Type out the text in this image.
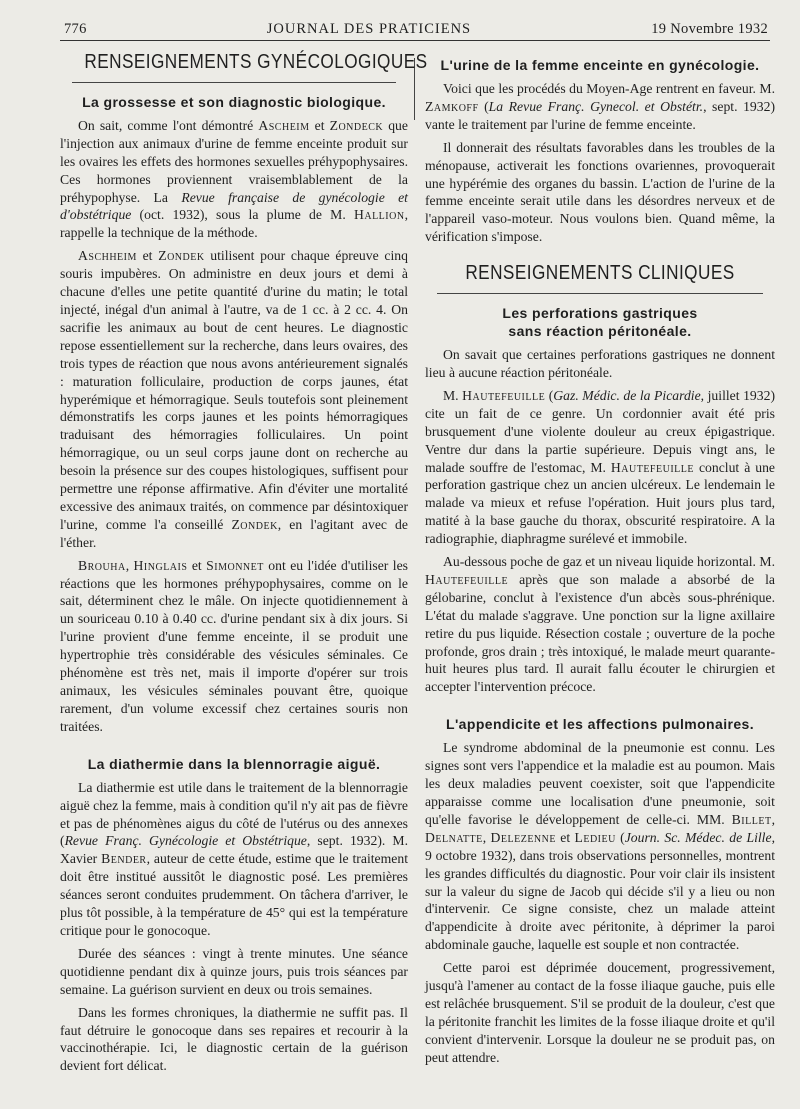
776	JOURNAL DES PRATICIENS	19 Novembre 1932
RENSEIGNEMENTS GYNÉCOLOGIQUES
La grossesse et son diagnostic biologique.

On sait, comme l'ont démontré Ascheim et Zondeck que l'injection aux animaux d'urine de femme enceinte produit sur les ovaires les effets des hormones sexuelles préhypophysaires. Ces hormones proviennent vraisemblablement de la préhypophyse. La Revue française de gynécologie et d'obstétrique (oct. 1932), sous la plume de M. Hallion, rappelle la technique de la méthode.

Aschheim et Zondek utilisent pour chaque épreuve cinq souris impubères. On administre en deux jours et demi à chacune d'elles une petite quantité d'urine du matin; le total injecté, inégal d'un animal à l'autre, va de 1 cc. à 2 cc. 4. On sacrifie les animaux au bout de cent heures. Le diagnostic repose essentiellement sur la recherche, dans leurs ovaires, des trois types de réaction que nous avons antérieurement signalés : maturation folliculaire, production de corps jaunes, état hyperémique et hémorragique. Seuls toutefois sont pleinement démonstratifs les corps jaunes et les points hémorragiques traduisant des hémorragies folliculaires. Un point hémorragique, ou un seul corps jaune dont on recherche au besoin la présence sur des coupes histologiques, suffisent pour permettre une réponse affirmative. Afin d'éviter une mortalité excessive des animaux traités, on commence par désintoxiquer l'urine, comme l'a conseillé Zondek, en l'agitant avec de l'éther.

Brouha, Hinglais et Simonnet ont eu l'idée d'utiliser les réactions que les hormones préhypophysaires, comme on le sait, déterminent chez le mâle. On injecte quotidiennement à un souriceau 0.10 à 0.40 cc. d'urine pendant six à dix jours. Si l'urine provient d'une femme enceinte, il se produit une hypertrophie très considérable des vésicules séminales. Ce phénomène est très net, mais il importe d'opérer sur trois animaux, les vésicules séminales pouvant être, quoique rarement, d'un volume excessif chez certaines souris non traitées.

La diathermie dans la blennorragie aiguë.

La diathermie est utile dans le traitement de la blennorragie aiguë chez la femme, mais à condition qu'il n'y ait pas de fièvre et pas de phénomènes aigus du côté de l'utérus ou des annexes (Revue Franç. Gynécologie et Obstétrique, sept. 1932). M. Xavier Bender, auteur de cette étude, estime que le traitement doit être institué aussitôt le diagnostic posé. Les premières séances seront conduites prudemment. On tâchera d'arriver, le plus tôt possible, à la température de 45° qui est la température critique pour le gonocoque.

Durée des séances : vingt à trente minutes. Une séance quotidienne pendant dix à quinze jours, puis trois séances par semaine. La guérison survient en deux ou trois semaines.

Dans les formes chroniques, la diathermie ne suffit pas. Il faut détruire le gonocoque dans ses repaires et recourir à la vaccinothérapie. Ici, le diagnostic certain de la guérison devient fort délicat.

L'urine de la femme enceinte en gynécologie.

Voici que les procédés du Moyen-Age rentrent en faveur. M. Zamkoff (La Revue Franç. Gynecol. et Obstétr., sept. 1932) vante le traitement par l'urine de femme enceinte.

Il donnerait des résultats favorables dans les troubles de la ménopause, activerait les fonctions ovariennes, provoquerait une hypérémie des organes du bassin. L'action de l'urine de la femme enceinte serait utile dans les désordres nerveux et de l'appareil vaso-moteur. Nous voulons bien. Quand même, la vérification s'impose.

RENSEIGNEMENTS CLINIQUES
Les perforations gastriques
sans réaction péritonéale.

On savait que certaines perforations gastriques ne donnent lieu à aucune réaction péritonéale.

M. Hautefeuille (Gaz. Médic. de la Picardie, juillet 1932) cite un fait de ce genre. Un cordonnier avait été pris brusquement d'une violente douleur au creux épigastrique. Ventre dur dans la partie supérieure. Depuis vingt ans, le malade souffre de l'estomac, M. Hautefeuille conclut à une perforation gastrique chez un ancien ulcéreux. Le lendemain le malade va mieux et refuse l'opération. Huit jours plus tard, matité à la base gauche du thorax, obscurité respiratoire. A la radiographie, diaphragme surélevé et immobile.

Au-dessous poche de gaz et un niveau liquide horizontal. M. Hautefeuille après que son malade a absorbé de la gélobarine, conclut à l'existence d'un abcès sous-phrénique. L'état du malade s'aggrave. Une ponction sur la ligne axillaire retire du pus liquide. Résection costale ; ouverture de la poche profonde, gros drain ; très intoxiqué, le malade meurt quarante-huit heures plus tard. Il aurait fallu écouter le chirurgien et accepter l'intervention précoce.

L'appendicite et les affections pulmonaires.

Le syndrome abdominal de la pneumonie est connu. Les signes sont vers l'appendice et la maladie est au poumon. Mais les deux maladies peuvent coexister, soit que l'appendicite apparaisse comme une localisation d'une pneumonie, soit qu'elle favorise le développement de celle-ci. MM. Billet, Delnatte, Delezenne et Ledieu (Journ. Sc. Médec. de Lille, 9 octobre 1932), dans trois observations personnelles, montrent les grandes difficultés du diagnostic. Pour voir clair ils insistent sur la valeur du signe de Jacob qui décide s'il y a lieu ou non d'intervenir. Ce signe consiste, chez un malade atteint d'appendicite à droite avec péritonite, à déprimer la paroi abdominale gauche, laquelle est souple et non contractée.

Cette paroi est déprimée doucement, progressivement, jusqu'à l'amener au contact de la fosse iliaque gauche, puis elle est relâchée brusquement. S'il se produit de la douleur, c'est que la péritonite franchit les limites de la fosse iliaque droite et qu'il convient d'intervenir. Lorsque la douleur ne se produit pas, on peut attendre.
